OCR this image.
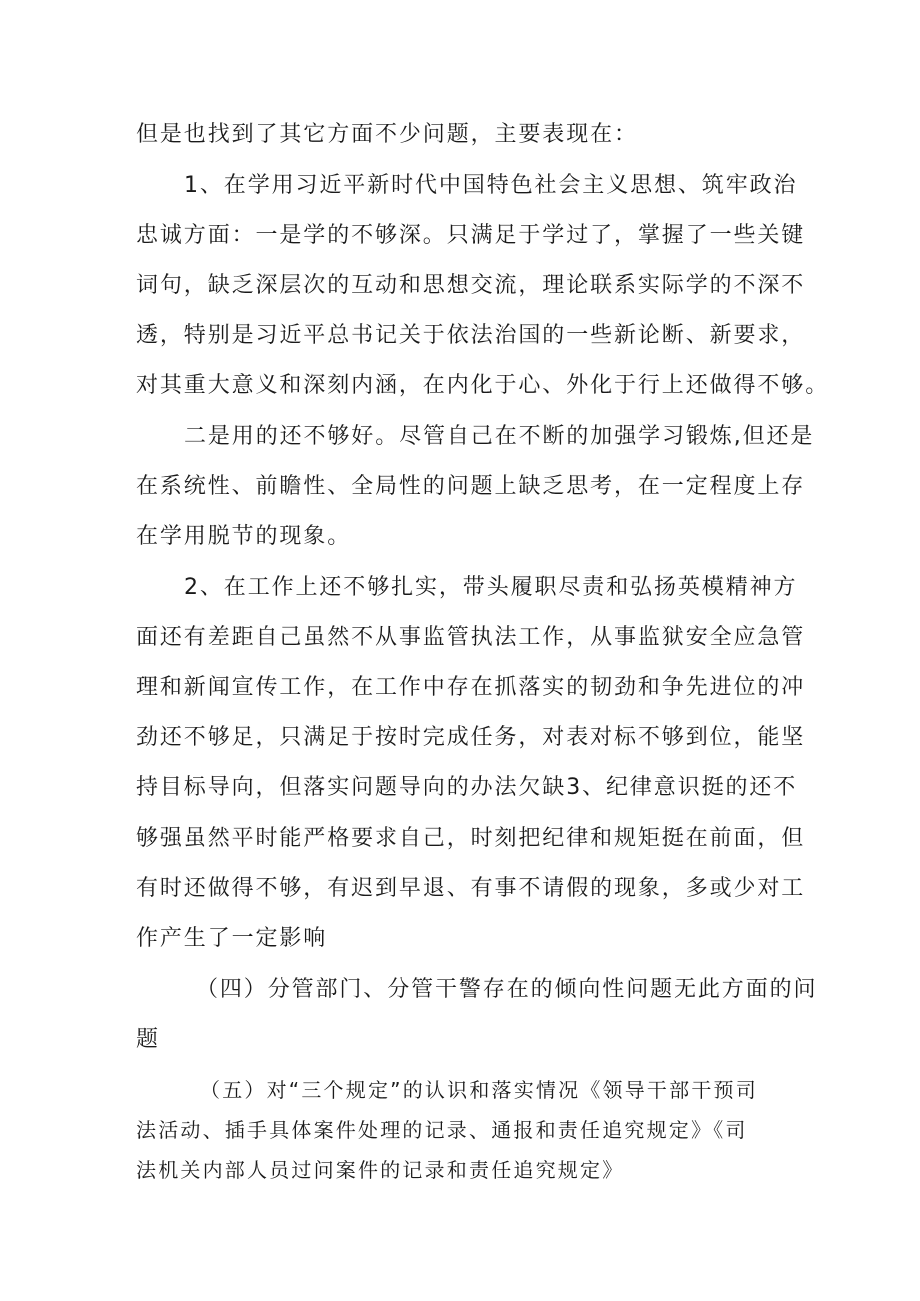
但是也找到了其它方面不少问题，主要表现在：
1、在学用习近平新时代中国特色社会主义思想、筑牢政治
忠诚方面：一是学的不够深。只满足于学过了，掌握了一些关键
词句，缺乏深层次的互动和思想交流，理论联系实际学的不深不
透，特别是习近平总书记关于依法治国的一些新论断、新要求，
对其重大意义和深刻内涵，在内化于心、外化于行上还做得不够。
二是用的还不够好。尽管自己在不断的加强学习锻炼,但还是
在系统性、前瞻性、全局性的问题上缺乏思考，在一定程度上存
在学用脱节的现象。
2、在工作上还不够扎实，带头履职尽责和弘扬英模精神方
面还有差距自己虽然不从事监管执法工作，从事监狱安全应急管
理和新闻宣传工作，在工作中存在抓落实的韧劲和争先进位的冲
劲还不够足，只满足于按时完成任务，对表对标不够到位，能坚
持目标导向，但落实问题导向的办法欠缺3、纪律意识挺的还不
够强虽然平时能严格要求自己，时刻把纪律和规矩挺在前面，但
有时还做得不够，有迟到早退、有事不请假的现象，多或少对工
作产生了一定影响
（四）分管部门、分管干警存在的倾向性问题无此方面的问
题
（五）对“三个规定”的认识和落实情况《领导干部干预司
法活动、插手具体案件处理的记录、通报和责任追究规定》《司
法机关内部人员过问案件的记录和责任追究规定》
